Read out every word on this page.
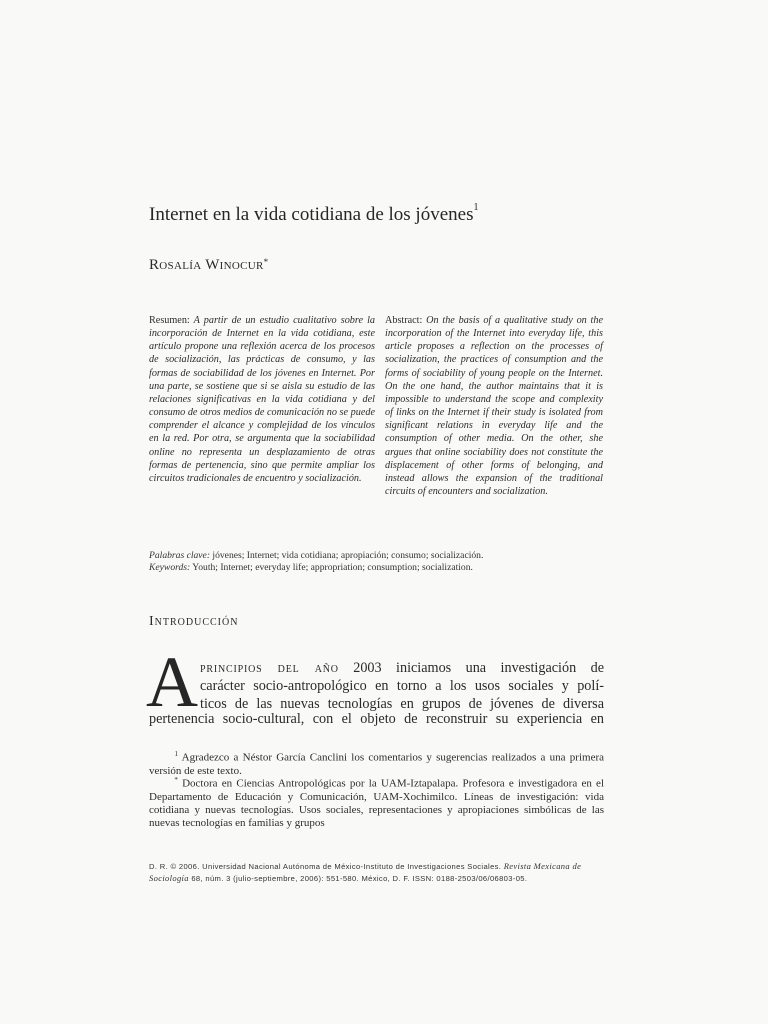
Internet en la vida cotidiana de los jóvenes$^1$
Rosalía Winocur*
Resumen: A partir de un estudio cualitativo sobre la incorporación de Internet en la vida cotidiana, este artículo propone una reflexión acerca de los procesos de socialización, las prácticas de consumo, y las formas de sociabilidad de los jóvenes en Internet. Por una parte, se sostiene que si se aisla su estudio de las relaciones significativas en la vida cotidiana y del consumo de otros medios de comunicación no se puede comprender el alcance y complejidad de los vínculos en la red. Por otra, se argumenta que la sociabilidad online no representa un desplazamiento de otras formas de pertenencia, sino que permite ampliar los circuitos tradicionales de encuentro y socialización.
Abstract: On the basis of a qualitative study on the incorporation of the Internet into everyday life, this article proposes a reflection on the processes of socialization, the practices of consumption and the forms of sociability of young people on the Internet. On the one hand, the author maintains that it is impossible to understand the scope and complexity of links on the Internet if their study is isolated from significant relations in everyday life and the consumption of other media. On the other, she argues that online sociability does not constitute the displacement of other forms of belonging, and instead allows the expansion of the traditional circuits of encounters and socialization.
Palabras clave: jóvenes; Internet; vida cotidiana; apropiación; consumo; socialización.
Keywords: Youth; Internet; everyday life; appropriation; consumption; socialization.
Introducción
A principios del año 2003 iniciamos una investigación de
carácter socio-antropológico en torno a los usos sociales y polí-
ticos de las nuevas tecnologías en grupos de jóvenes de diversa
pertenencia socio-cultural, con el objeto de reconstruir su experiencia en
$^1$ Agradezco a Néstor García Canclini los comentarios y sugerencias realizados a una primera versión de este texto.
* Doctora en Ciencias Antropológicas por la UAM-Iztapalapa. Profesora e investigadora en el Departamento de Educación y Comunicación, UAM-Xochimilco. Líneas de investigación: vida cotidiana y nuevas tecnologías. Usos sociales, representaciones y apropiaciones simbólicas de las nuevas tecnologías en familias y grupos
D. R. © 2006. Universidad Nacional Autónoma de México-Instituto de Investigaciones Sociales. Revista Mexicana de Sociología 68, núm. 3 (julio-septiembre, 2006): 551-580. México, D. F. ISSN: 0188-2503/06/06803-05.
